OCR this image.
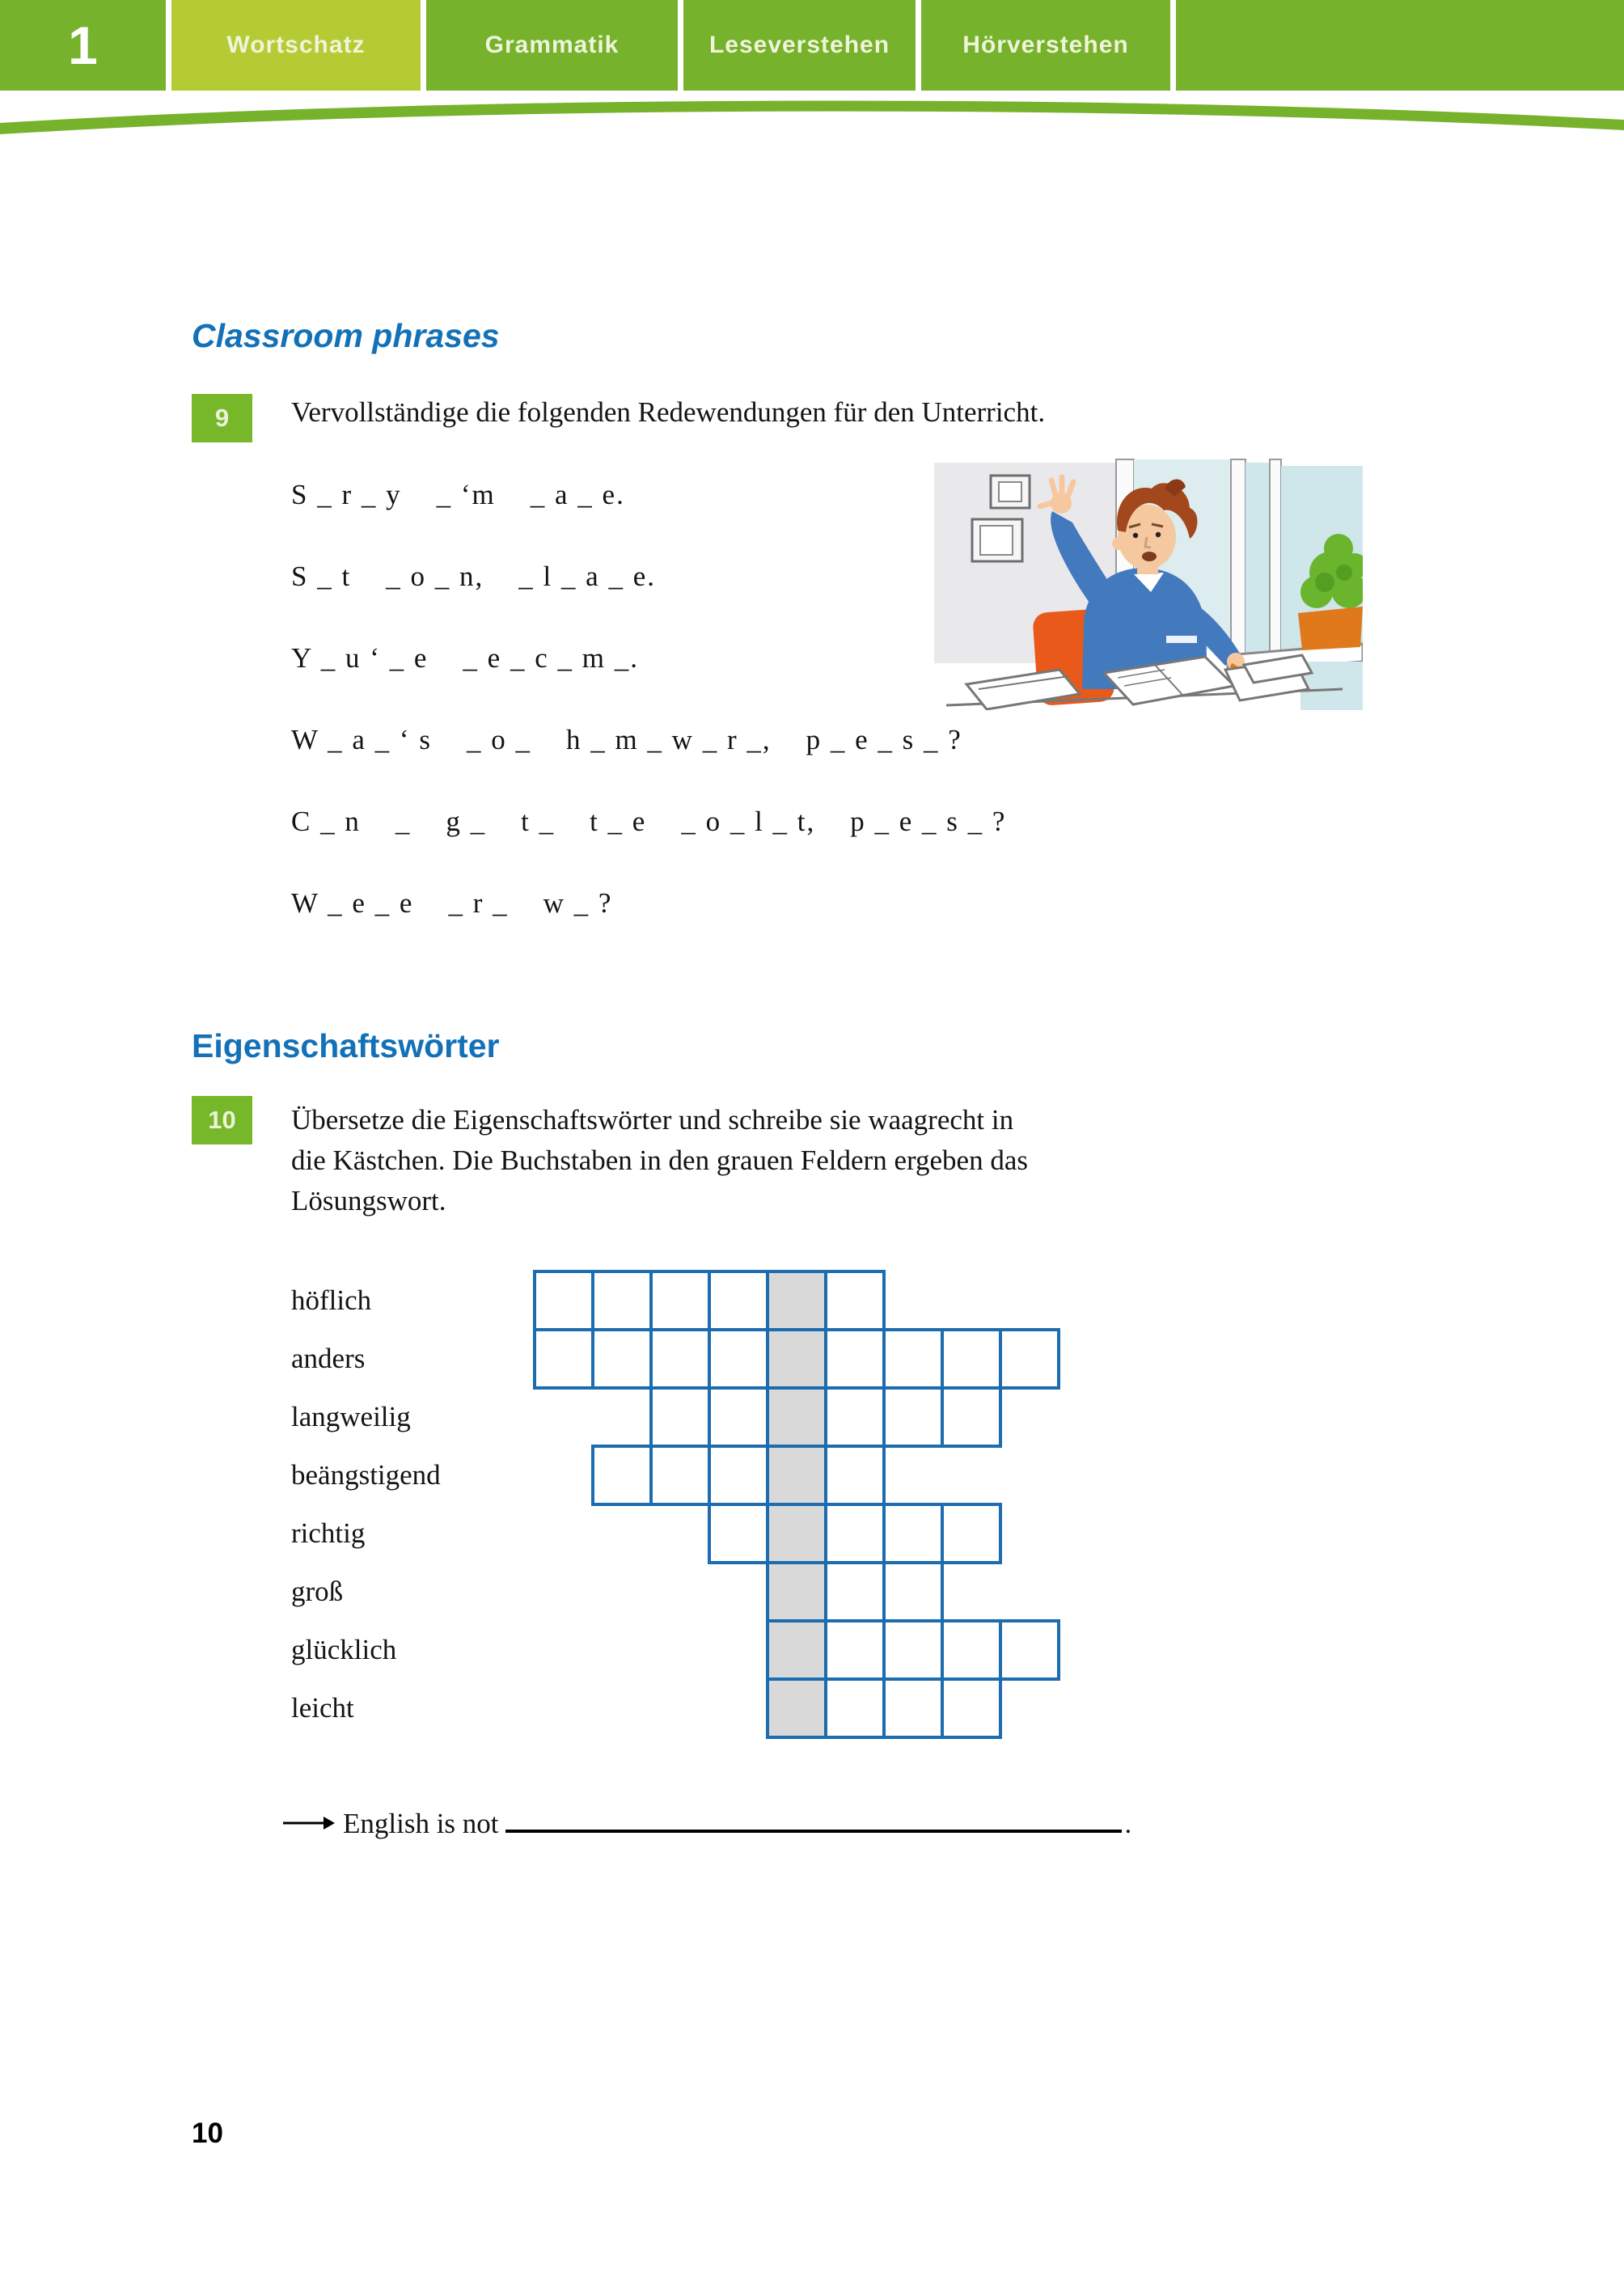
1	Wortschatz	Grammatik	Leseverstehen	Hörverstehen
Classroom phrases
9	Vervollständige die folgenden Redewendungen für den Unterricht.
S _ r _ y    _ ‘m    _ a _ e.
S _ t    _ o _ n,    _ l _ a _ e.
Y _ u ‘ _ e    _ e _ c _ m _.
W _ a _ ‘ s    _ o _    h _ m _ w _ r _,    p _ e _ s _ ?
C _ n    _    g _    t _    t _ e    _ o _ l _ t,    p _ e _ s _ ?
W _ e _ e    _ r _    w _ ?
Eigenschaftswörter
10	Übersetze die Eigenschaftswörter und schreibe sie waagrecht in
die Kästchen. Die Buchstaben in den grauen Feldern ergeben das
Lösungswort.
höflich
anders
langweilig
beängstigend
richtig
groß
glücklich
leicht
English is not	.
10
